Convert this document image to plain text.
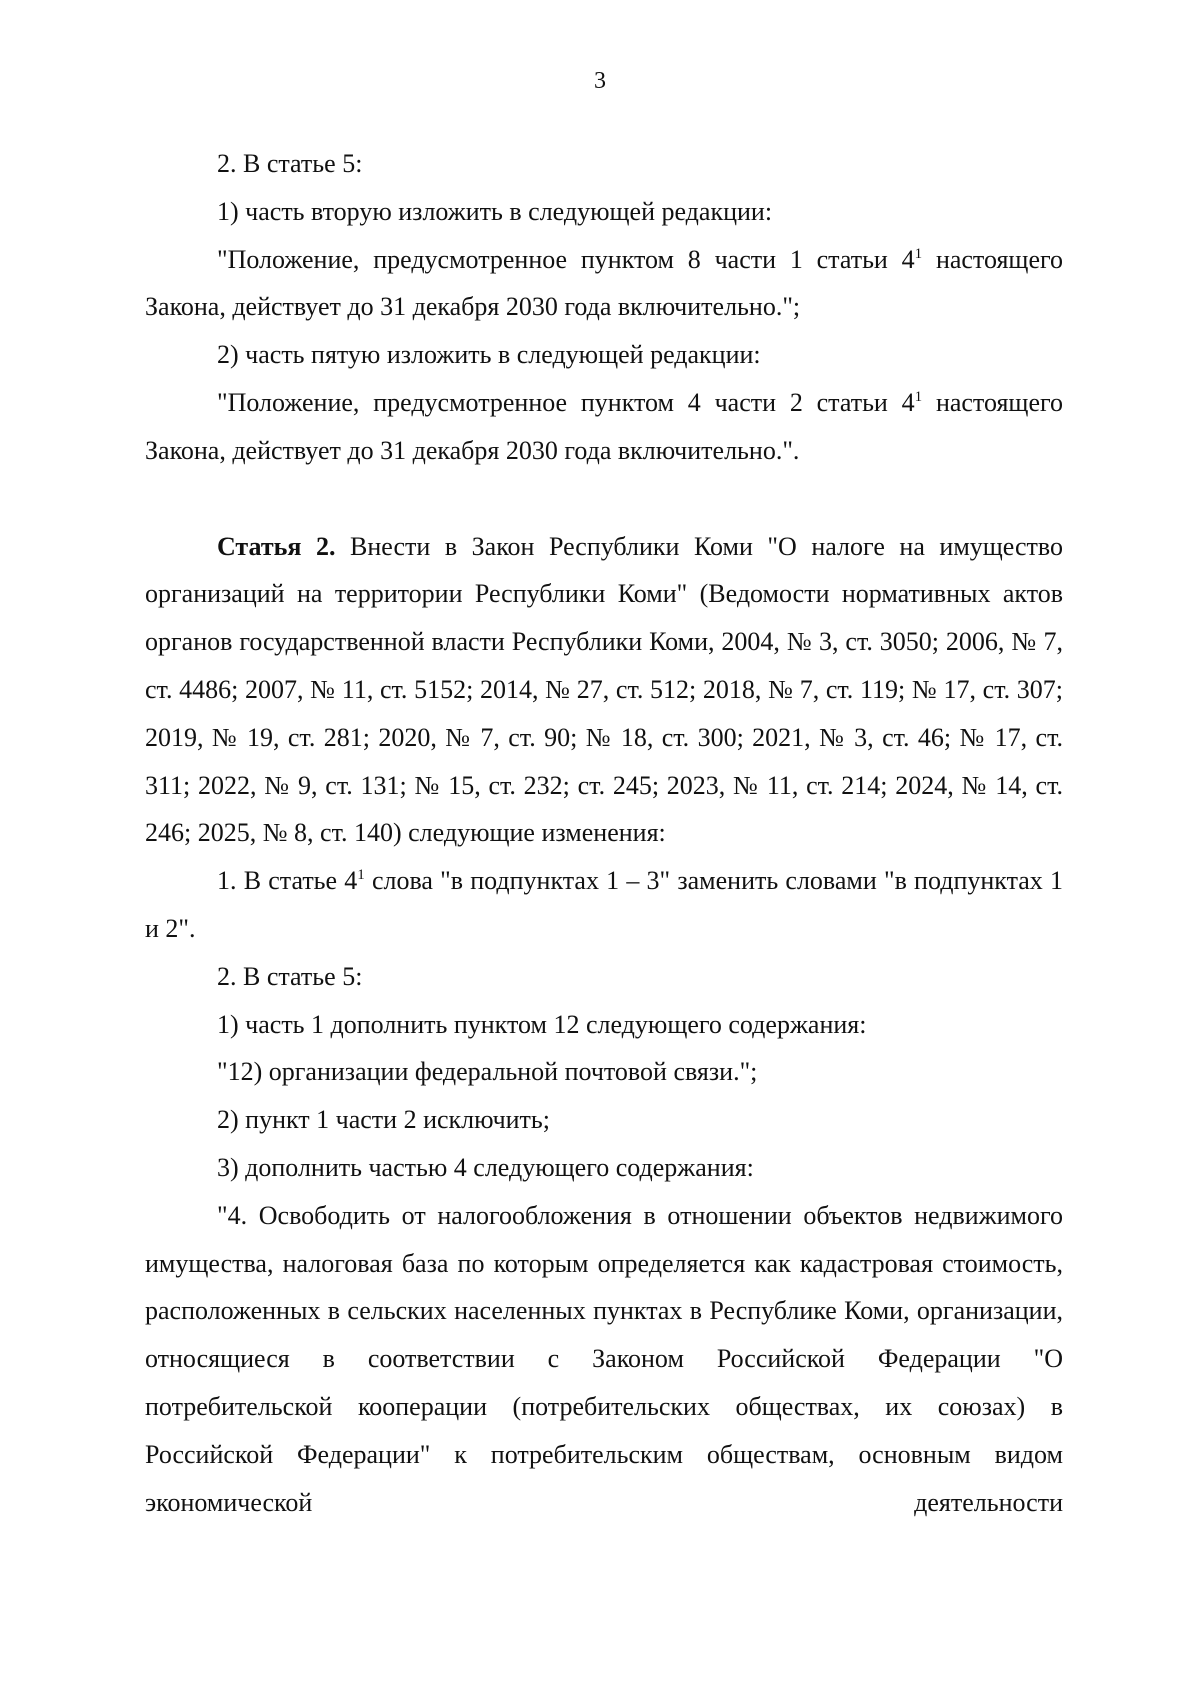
3

2. В статье 5:

1) часть вторую изложить в следующей редакции:

"Положение, предусмотренное пунктом 8 части 1 статьи $4^1$ настоящего Закона, действует до 31 декабря 2030 года включительно.";

2) часть пятую изложить в следующей редакции:

"Положение, предусмотренное пунктом 4 части 2 статьи $4^1$ настоящего Закона, действует до 31 декабря 2030 года включительно.".

Статья 2. Внести в Закон Республики Коми "О налоге на имущество организаций на территории Республики Коми" (Ведомости нормативных актов органов государственной власти Республики Коми, 2004, № 3, ст. 3050; 2006, № 7, ст. 4486; 2007, № 11, ст. 5152; 2014, № 27, ст. 512; 2018, № 7, ст. 119; № 17, ст. 307; 2019, № 19, ст. 281; 2020, № 7, ст. 90; № 18, ст. 300; 2021, № 3, ст. 46; № 17, ст. 311; 2022, № 9, ст. 131; № 15, ст. 232; ст. 245; 2023, № 11, ст. 214; 2024, № 14, ст. 246; 2025, № 8, ст. 140) следующие изменения:

1. В статье $4^1$ слова "в подпунктах 1 – 3" заменить словами "в подпунктах 1 и 2".

2. В статье 5:

1) часть 1 дополнить пунктом 12 следующего содержания:

"12) организации федеральной почтовой связи.";

2) пункт 1 части 2 исключить;

3) дополнить частью 4 следующего содержания:

"4. Освободить от налогообложения в отношении объектов недвижимого имущества, налоговая база по которым определяется как кадастровая стоимость, расположенных в сельских населенных пунктах в Республике Коми, организации, относящиеся в соответствии с Законом Российской Федерации "О потребительской кооперации (потребительских обществах, их союзах) в Российской Федерации" к потребительским обществам, основным видом экономической деятельности
